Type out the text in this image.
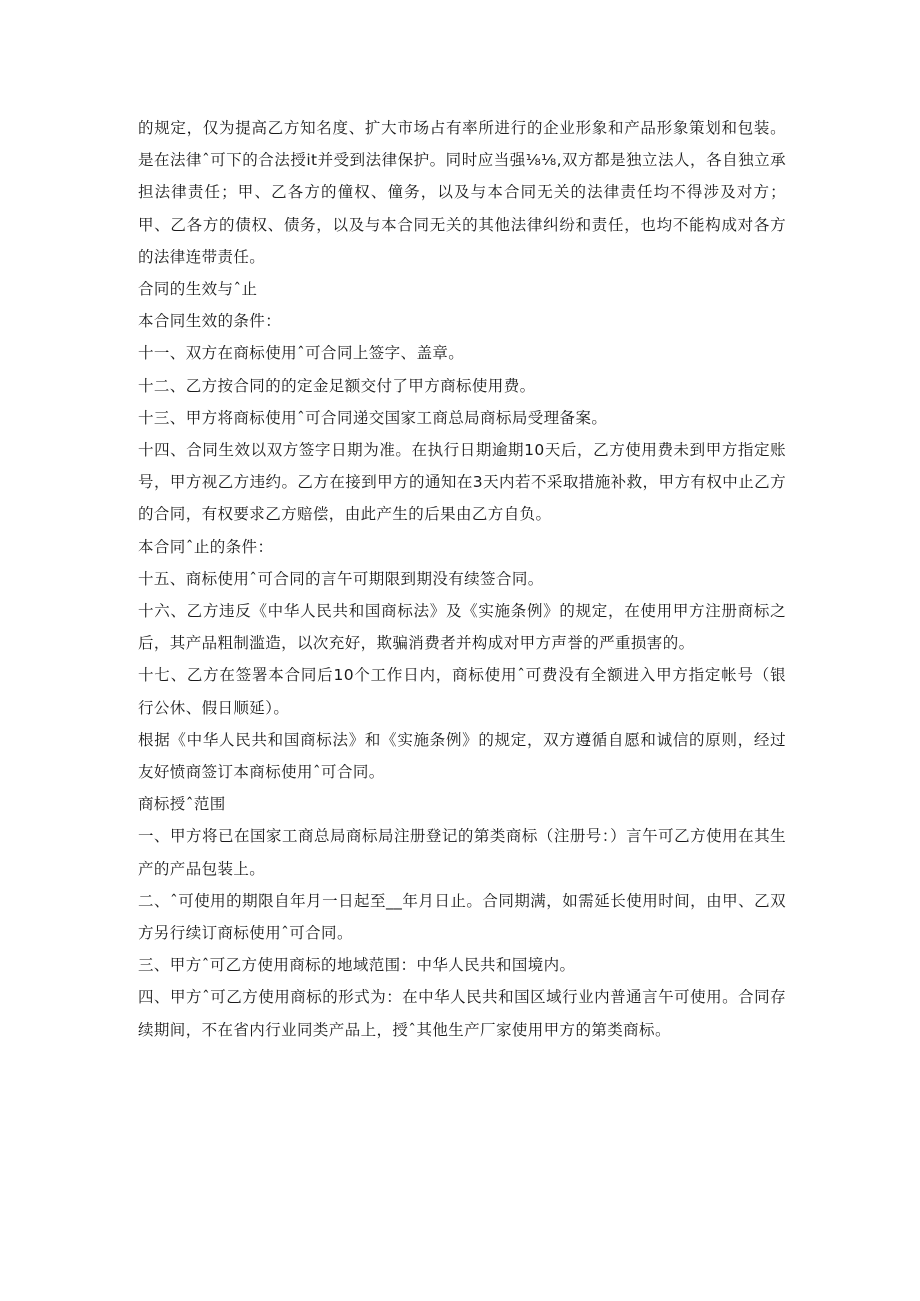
的规定，仅为提高乙方知名度、扩大市场占有率所进行的企业形象和产品形象策划和包装。是在法律ˆ可下的合法授it并受到法律保护。同时应当强⅛⅛,双方都是独立法人，各自独立承担法律责任；甲、乙各方的僮权、僮务，以及与本合同无关的法律责任均不得涉及对方；甲、乙各方的债权、债务，以及与本合同无关的其他法律纠纷和责任，也均不能构成对各方的法律连带责任。

合同的生效与ˆ止

本合同生效的条件：

十一、双方在商标使用ˆ可合同上签字、盖章。

十二、乙方按合同的的定金足额交付了甲方商标使用费。

十三、甲方将商标使用ˆ可合同递交国家工商总局商标局受理备案。

十四、合同生效以双方签字日期为准。在执行日期逾期10天后，乙方使用费未到甲方指定账号，甲方视乙方违约。乙方在接到甲方的通知在3天内若不采取措施补救，甲方有权中止乙方的合同，有权要求乙方赔偿，由此产生的后果由乙方自负。

本合同ˆ止的条件：

十五、商标使用ˆ可合同的言午可期限到期没有续签合同。

十六、乙方违反《中华人民共和国商标法》及《实施条例》的规定，在使用甲方注册商标之后，其产品粗制滥造，以次充好，欺骗消费者并构成对甲方声誉的严重损害的。

十七、乙方在签署本合同后10个工作日内，商标使用ˆ可费没有全额进入甲方指定帐号（银行公休、假日顺延）。

根据《中华人民共和国商标法》和《实施条例》的规定，双方遵循自愿和诚信的原则，经过友好愤商签订本商标使用ˆ可合同。

商标授ˆ范围

一、甲方将已在国家工商总局商标局注册登记的第类商标（注册号：）言午可乙方使用在其生产的产品包装上。

二、ˆ可使用的期限自年月一日起至__年月日止。合同期满，如需延长使用时间，由甲、乙双方另行续订商标使用ˆ可合同。

三、甲方ˆ可乙方使用商标的地域范围：中华人民共和国境内。

四、甲方ˆ可乙方使用商标的形式为：在中华人民共和国区域行业内普通言午可使用。合同存续期间，不在省内行业同类产品上，授ˆ其他生产厂家使用甲方的第类商标。
